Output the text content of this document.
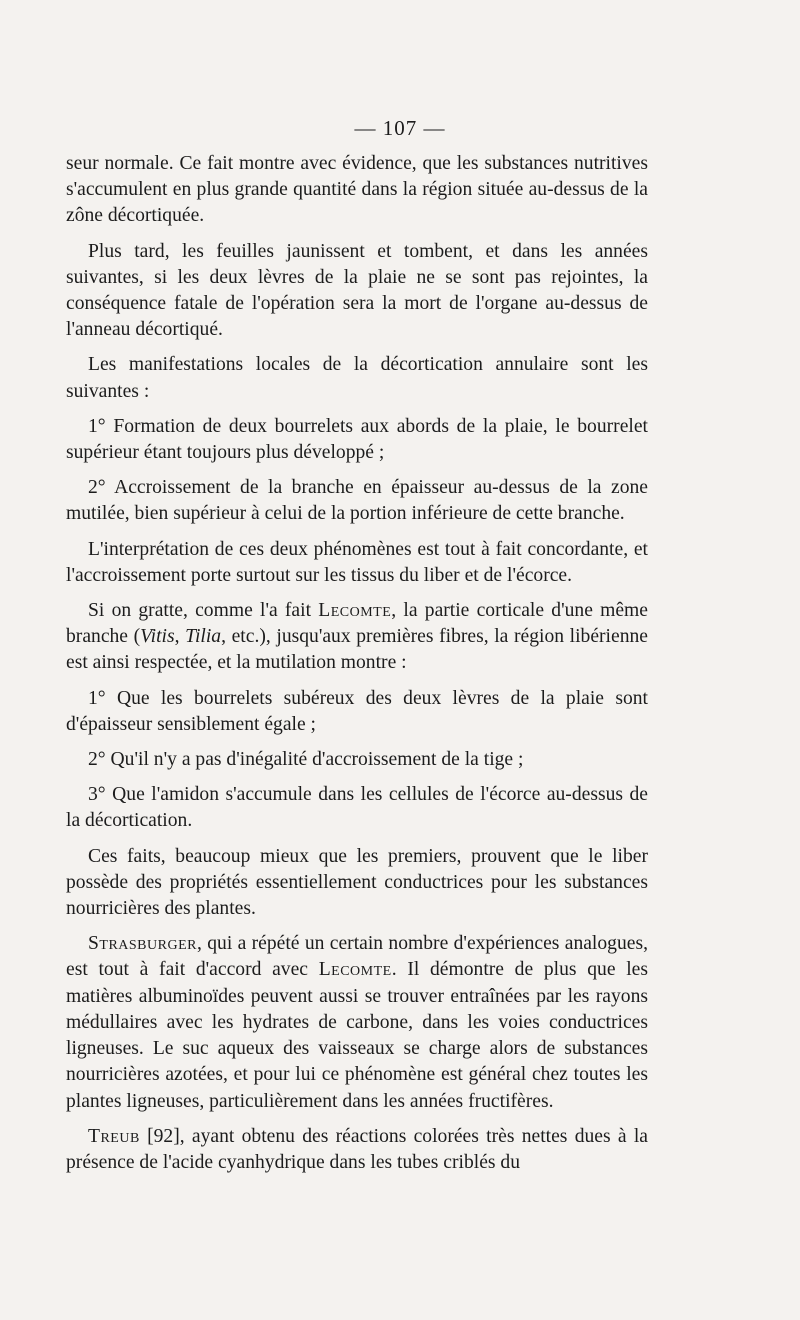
— 107 —

seur normale. Ce fait montre avec évidence, que les substances nutritives s'accumulent en plus grande quantité dans la région située au-dessus de la zône décortiquée.

Plus tard, les feuilles jaunissent et tombent, et dans les années suivantes, si les deux lèvres de la plaie ne se sont pas rejointes, la conséquence fatale de l'opération sera la mort de l'organe au-dessus de l'anneau décortiqué.

Les manifestations locales de la décortication annulaire sont les suivantes :

1° Formation de deux bourrelets aux abords de la plaie, le bourrelet supérieur étant toujours plus développé ;

2° Accroissement de la branche en épaisseur au-dessus de la zone mutilée, bien supérieur à celui de la portion inférieure de cette branche.

L'interprétation de ces deux phénomènes est tout à fait concordante, et l'accroissement porte surtout sur les tissus du liber et de l'écorce.

Si on gratte, comme l'a fait Lecomte, la partie corticale d'une même branche (Vitis, Tilia, etc.), jusqu'aux premières fibres, la région libérienne est ainsi respectée, et la mutilation montre :

1° Que les bourrelets subéreux des deux lèvres de la plaie sont d'épaisseur sensiblement égale ;

2° Qu'il n'y a pas d'inégalité d'accroissement de la tige ;

3° Que l'amidon s'accumule dans les cellules de l'écorce au-dessus de la décortication.

Ces faits, beaucoup mieux que les premiers, prouvent que le liber possède des propriétés essentiellement conductrices pour les substances nourricières des plantes.

Strasburger, qui a répété un certain nombre d'expériences analogues, est tout à fait d'accord avec Lecomte. Il démontre de plus que les matières albuminoïdes peuvent aussi se trouver entraînées par les rayons médullaires avec les hydrates de carbone, dans les voies conductrices ligneuses. Le suc aqueux des vaisseaux se charge alors de substances nourricières azotées, et pour lui ce phénomène est général chez toutes les plantes ligneuses, particulièrement dans les années fructifères.

Treub [92], ayant obtenu des réactions colorées très nettes dues à la présence de l'acide cyanhydrique dans les tubes criblés du
